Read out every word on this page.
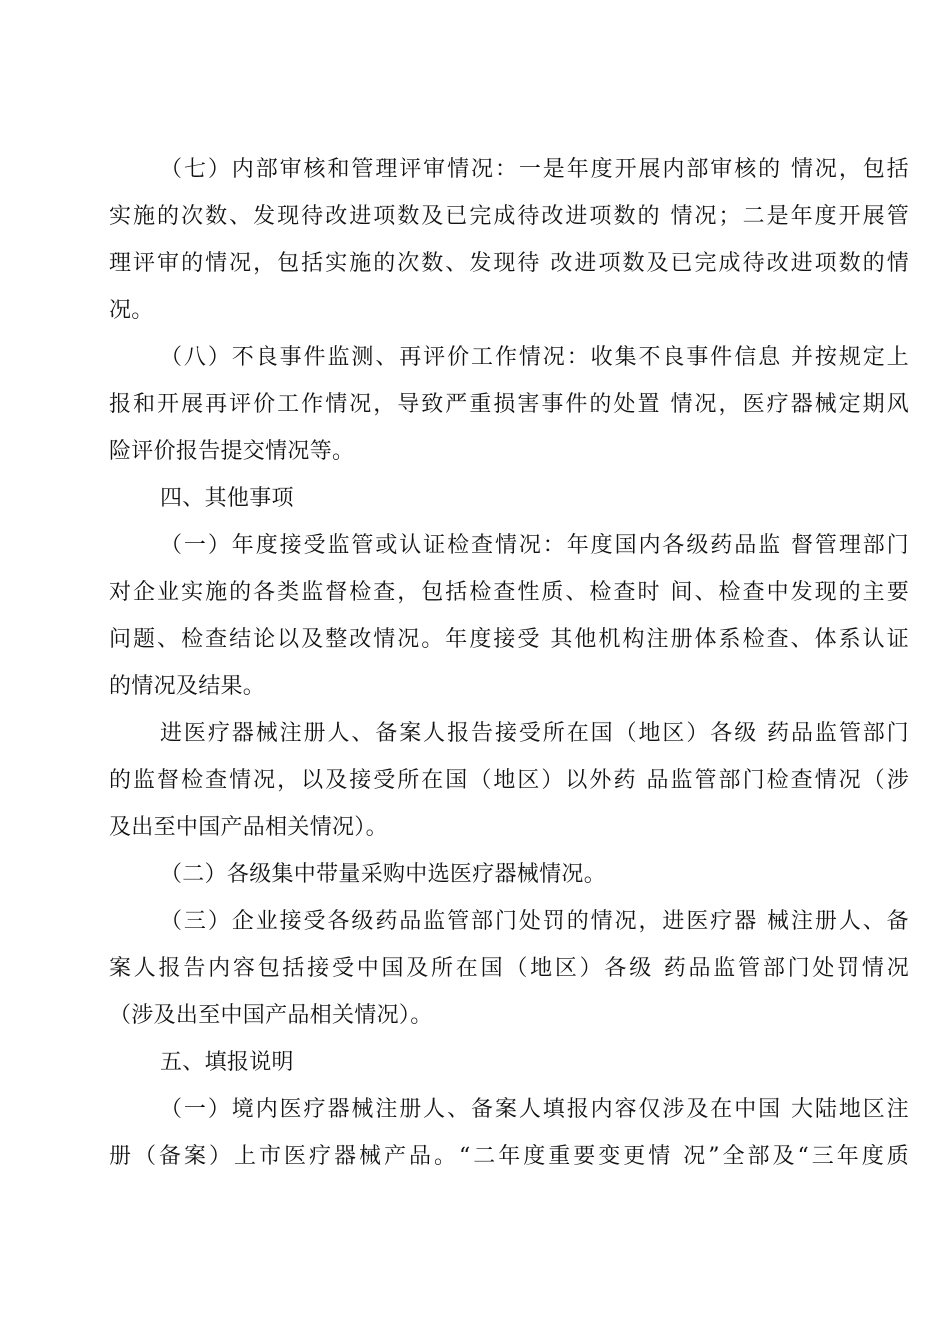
（七）内部审核和管理评审情况：一是年度开展内部审核的 情况，包括
实施的次数、发现待改进项数及已完成待改进项数的 情况；二是年度开展管
理评审的情况，包括实施的次数、发现待 改进项数及已完成待改进项数的情
况。
（八）不良事件监测、再评价工作情况：收集不良事件信息 并按规定上
报和开展再评价工作情况，导致严重损害事件的处置 情况，医疗器械定期风
险评价报告提交情况等。
四、其他事项
（一）年度接受监管或认证检查情况：年度国内各级药品监 督管理部门
对企业实施的各类监督检查，包括检查性质、检查时 间、检查中发现的主要
问题、检查结论以及整改情况。年度接受 其他机构注册体系检查、体系认证
的情况及结果。
进医疗器械注册人、备案人报告接受所在国（地区）各级 药品监管部门
的监督检查情况，以及接受所在国（地区）以外药 品监管部门检查情况（涉
及出至中国产品相关情况）。
（二）各级集中带量采购中选医疗器械情况。
（三）企业接受各级药品监管部门处罚的情况，进医疗器 械注册人、备
案人报告内容包括接受中国及所在国（地区）各级 药品监管部门处罚情况
（涉及出至中国产品相关情况）。
五、填报说明
（一）境内医疗器械注册人、备案人填报内容仅涉及在中国 大陆地区注
册（备案）上市医疗器械产品。“二年度重要变更情 况”全部及“三年度质
